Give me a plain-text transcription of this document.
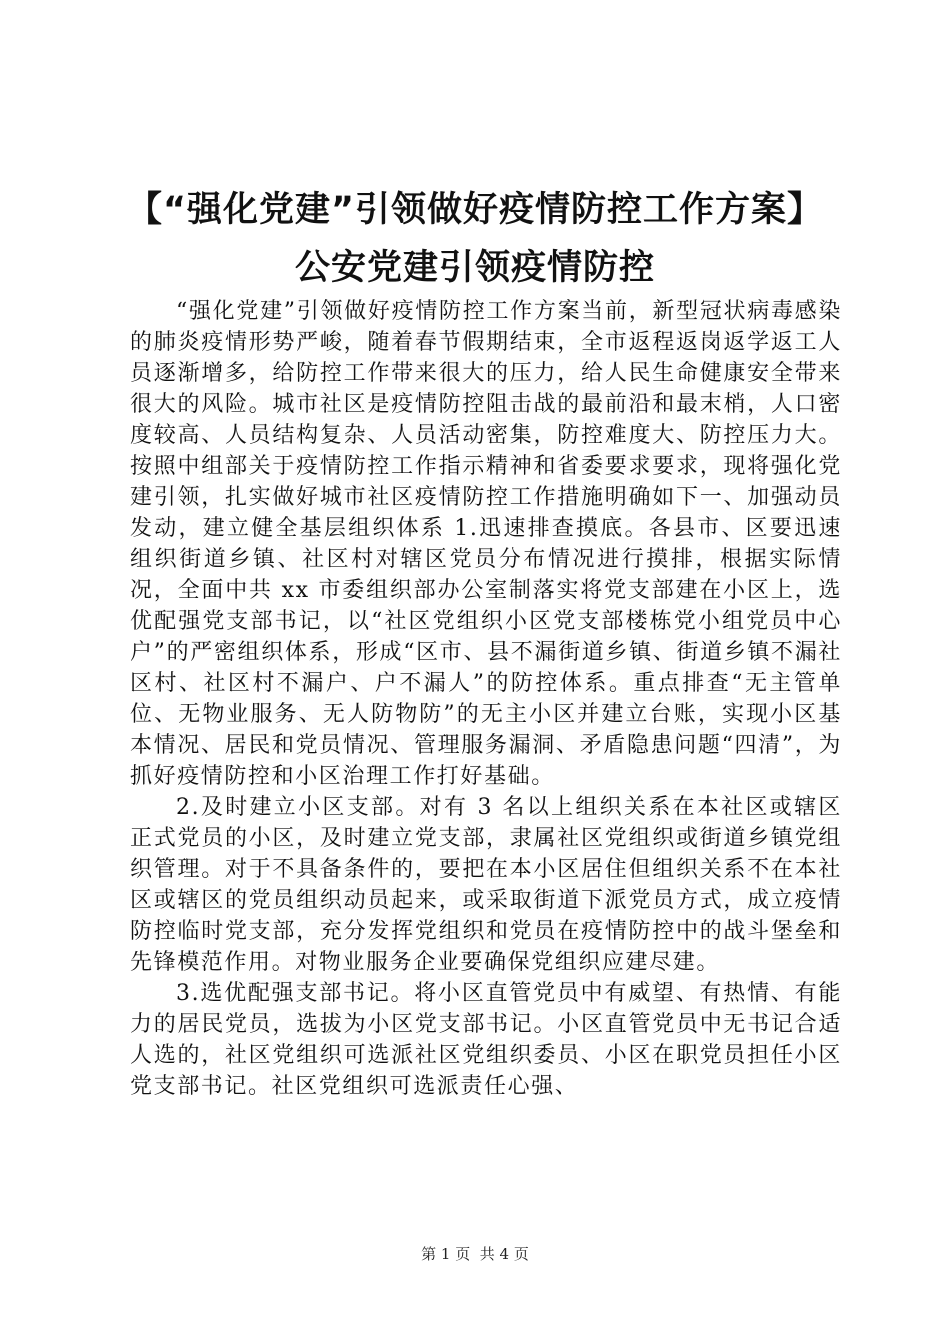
【“强化党建”引领做好疫情防控工作方案】
公安党建引领疫情防控

“强化党建”引领做好疫情防控工作方案当前，新型冠状病毒感染的肺炎疫情形势严峻，随着春节假期结束，全市返程返岗返学返工人员逐渐增多，给防控工作带来很大的压力，给人民生命健康安全带来很大的风险。城市社区是疫情防控阻击战的最前沿和最末梢，人口密度较高、人员结构复杂、人员活动密集，防控难度大、防控压力大。按照中组部关于疫情防控工作指示精神和省委要求要求，现将强化党建引领，扎实做好城市社区疫情防控工作措施明确如下一、加强动员发动，建立健全基层组织体系 1.迅速排查摸底。各县市、区要迅速组织街道乡镇、社区村对辖区党员分布情况进行摸排，根据实际情况，全面中共 xx 市委组织部办公室制落实将党支部建在小区上，选优配强党支部书记，以“社区党组织小区党支部楼栋党小组党员中心户”的严密组织体系，形成“区市、县不漏街道乡镇、街道乡镇不漏社区村、社区村不漏户、户不漏人”的防控体系。重点排查“无主管单位、无物业服务、无人防物防”的无主小区并建立台账，实现小区基本情况、居民和党员情况、管理服务漏洞、矛盾隐患问题“四清”，为抓好疫情防控和小区治理工作打好基础。

2.及时建立小区支部。对有 3 名以上组织关系在本社区或辖区正式党员的小区，及时建立党支部，隶属社区党组织或街道乡镇党组织管理。对于不具备条件的，要把在本小区居住但组织关系不在本社区或辖区的党员组织动员起来，或采取街道下派党员方式，成立疫情防控临时党支部，充分发挥党组织和党员在疫情防控中的战斗堡垒和先锋模范作用。对物业服务企业要确保党组织应建尽建。

3.选优配强支部书记。将小区直管党员中有威望、有热情、有能力的居民党员，选拔为小区党支部书记。小区直管党员中无书记合适人选的，社区党组织可选派社区党组织委员、小区在职党员担任小区党支部书记。社区党组织可选派责任心强、

第 1 页 共 4 页
